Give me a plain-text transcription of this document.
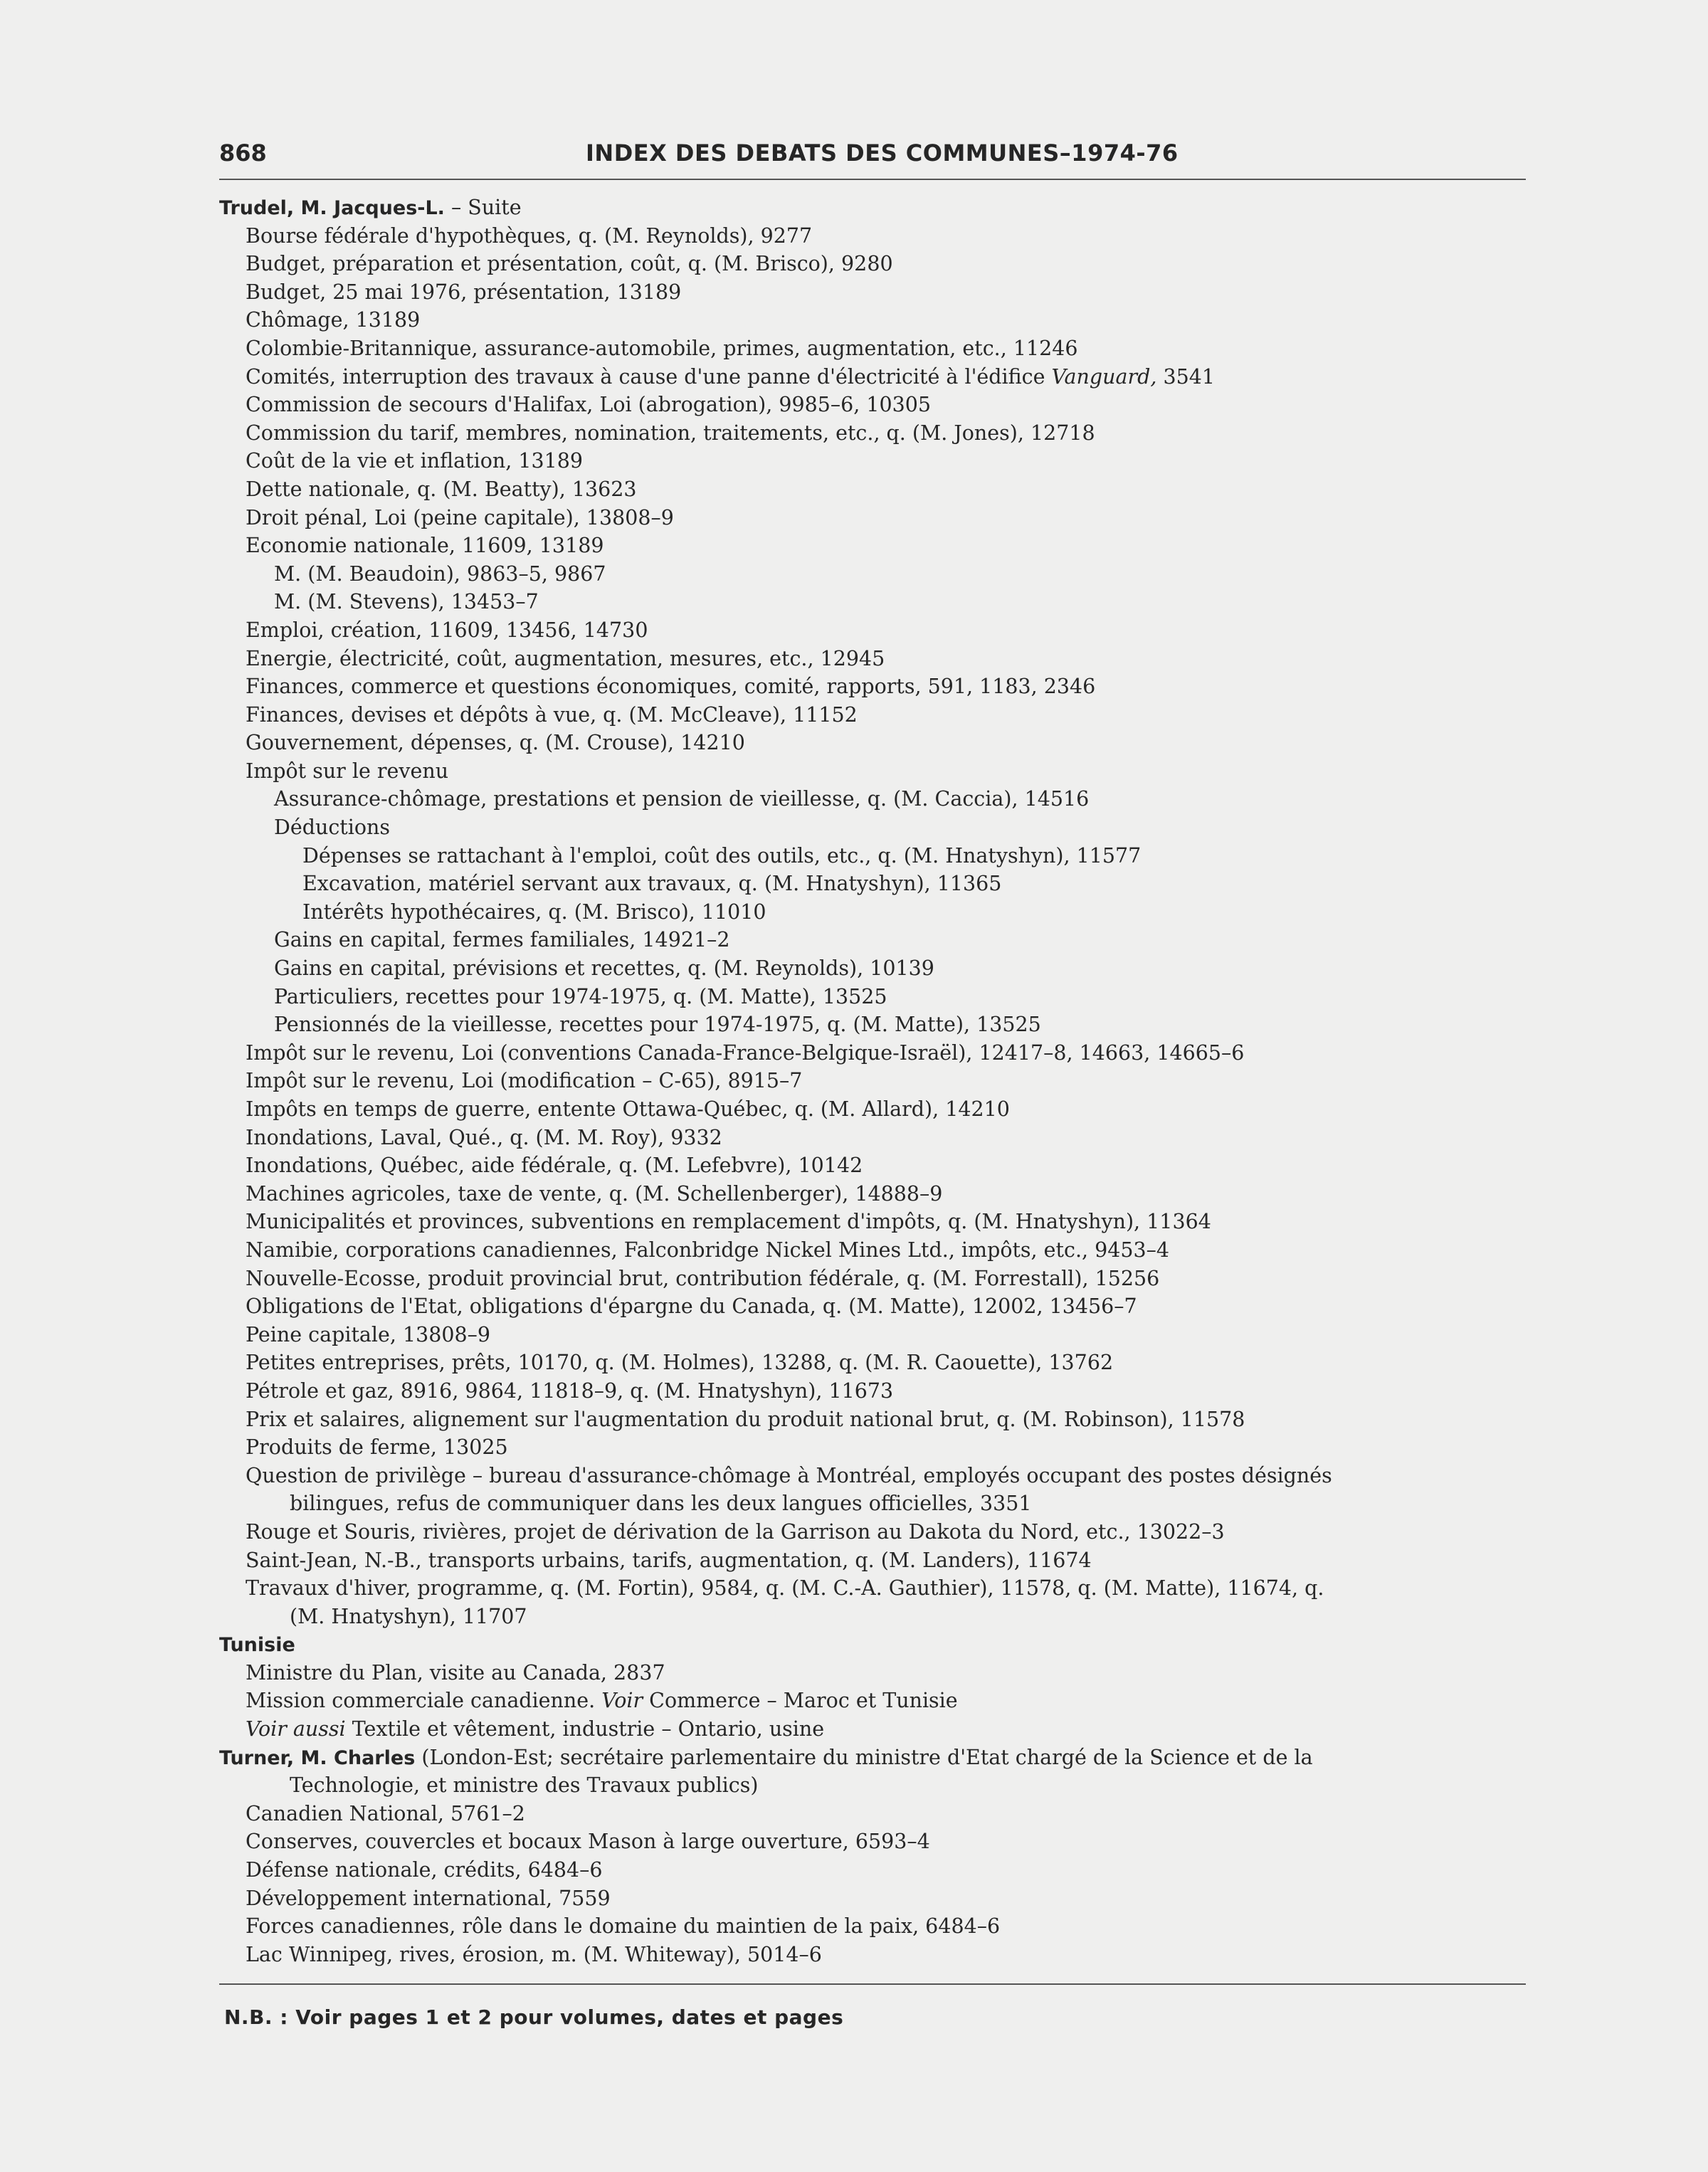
868	INDEX DES DEBATS DES COMMUNES–1974-76
Trudel, M. Jacques-L. – Suite
Bourse fédérale d'hypothèques, q. (M. Reynolds), 9277
Budget, préparation et présentation, coût, q. (M. Brisco), 9280
Budget, 25 mai 1976, présentation, 13189
Chômage, 13189
Colombie-Britannique, assurance-automobile, primes, augmentation, etc., 11246
Comités, interruption des travaux à cause d'une panne d'électricité à l'édifice Vanguard, 3541
Commission de secours d'Halifax, Loi (abrogation), 9985–6, 10305
Commission du tarif, membres, nomination, traitements, etc., q. (M. Jones), 12718
Coût de la vie et inflation, 13189
Dette nationale, q. (M. Beatty), 13623
Droit pénal, Loi (peine capitale), 13808–9
Economie nationale, 11609, 13189
M. (M. Beaudoin), 9863–5, 9867
M. (M. Stevens), 13453–7
Emploi, création, 11609, 13456, 14730
Energie, électricité, coût, augmentation, mesures, etc., 12945
Finances, commerce et questions économiques, comité, rapports, 591, 1183, 2346
Finances, devises et dépôts à vue, q. (M. McCleave), 11152
Gouvernement, dépenses, q. (M. Crouse), 14210
Impôt sur le revenu
Assurance-chômage, prestations et pension de vieillesse, q. (M. Caccia), 14516
Déductions
Dépenses se rattachant à l'emploi, coût des outils, etc., q. (M. Hnatyshyn), 11577
Excavation, matériel servant aux travaux, q. (M. Hnatyshyn), 11365
Intérêts hypothécaires, q. (M. Brisco), 11010
Gains en capital, fermes familiales, 14921–2
Gains en capital, prévisions et recettes, q. (M. Reynolds), 10139
Particuliers, recettes pour 1974-1975, q. (M. Matte), 13525
Pensionnés de la vieillesse, recettes pour 1974-1975, q. (M. Matte), 13525
Impôt sur le revenu, Loi (conventions Canada-France-Belgique-Israël), 12417–8, 14663, 14665–6
Impôt sur le revenu, Loi (modification – C-65), 8915–7
Impôts en temps de guerre, entente Ottawa-Québec, q. (M. Allard), 14210
Inondations, Laval, Qué., q. (M. M. Roy), 9332
Inondations, Québec, aide fédérale, q. (M. Lefebvre), 10142
Machines agricoles, taxe de vente, q. (M. Schellenberger), 14888–9
Municipalités et provinces, subventions en remplacement d'impôts, q. (M. Hnatyshyn), 11364
Namibie, corporations canadiennes, Falconbridge Nickel Mines Ltd., impôts, etc., 9453–4
Nouvelle-Ecosse, produit provincial brut, contribution fédérale, q. (M. Forrestall), 15256
Obligations de l'Etat, obligations d'épargne du Canada, q. (M. Matte), 12002, 13456–7
Peine capitale, 13808–9
Petites entreprises, prêts, 10170, q. (M. Holmes), 13288, q. (M. R. Caouette), 13762
Pétrole et gaz, 8916, 9864, 11818–9, q. (M. Hnatyshyn), 11673
Prix et salaires, alignement sur l'augmentation du produit national brut, q. (M. Robinson), 11578
Produits de ferme, 13025
Question de privilège – bureau d'assurance-chômage à Montréal, employés occupant des postes désignés
bilingues, refus de communiquer dans les deux langues officielles, 3351
Rouge et Souris, rivières, projet de dérivation de la Garrison au Dakota du Nord, etc., 13022–3
Saint-Jean, N.-B., transports urbains, tarifs, augmentation, q. (M. Landers), 11674
Travaux d'hiver, programme, q. (M. Fortin), 9584, q. (M. C.-A. Gauthier), 11578, q. (M. Matte), 11674, q.
(M. Hnatyshyn), 11707
Tunisie
Ministre du Plan, visite au Canada, 2837
Mission commerciale canadienne. Voir Commerce – Maroc et Tunisie
Voir aussi Textile et vêtement, industrie – Ontario, usine
Turner, M. Charles (London-Est; secrétaire parlementaire du ministre d'Etat chargé de la Science et de la
Technologie, et ministre des Travaux publics)
Canadien National, 5761–2
Conserves, couvercles et bocaux Mason à large ouverture, 6593–4
Défense nationale, crédits, 6484–6
Développement international, 7559
Forces canadiennes, rôle dans le domaine du maintien de la paix, 6484–6
Lac Winnipeg, rives, érosion, m. (M. Whiteway), 5014–6
N.B. : Voir pages 1 et 2 pour volumes, dates et pages
